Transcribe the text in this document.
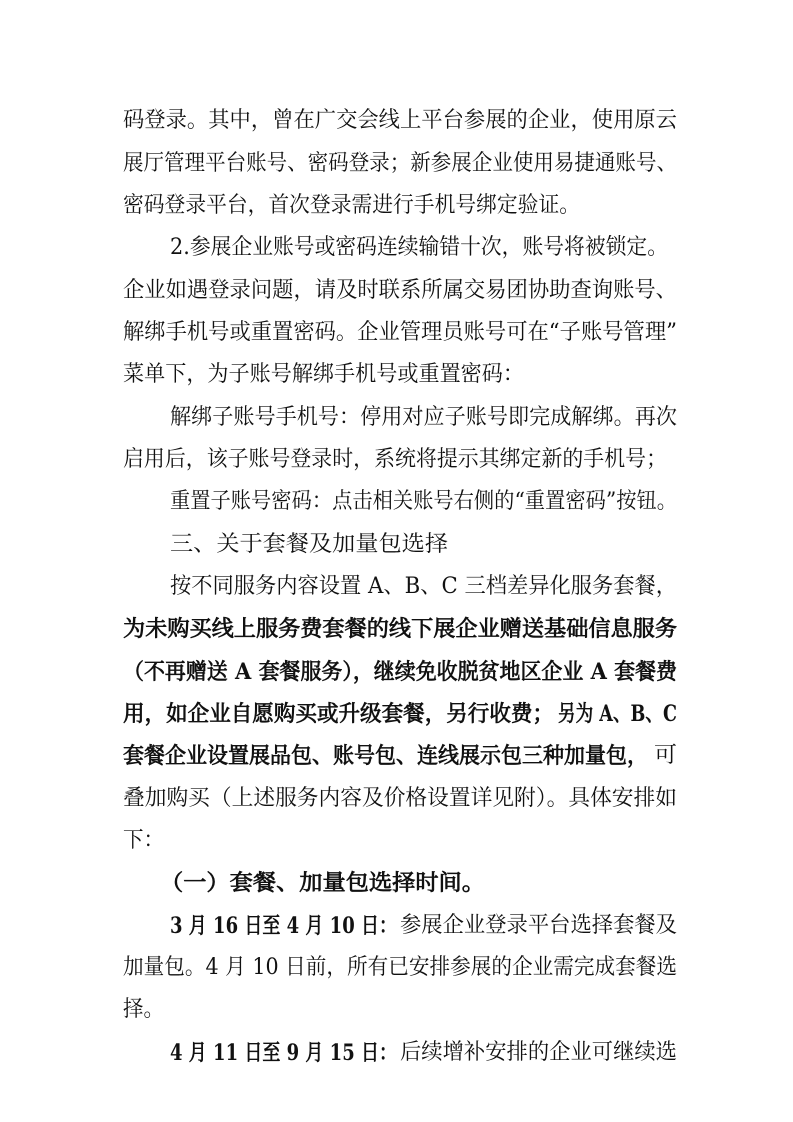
码登录。其中，曾在广交会线上平台参展的企业，使用原云
展厅管理平台账号、密码登录；新参展企业使用易捷通账号、
密码登录平台，首次登录需进行手机号绑定验证。
2.参展企业账号或密码连续输错十次，账号将被锁定。
企业如遇登录问题，请及时联系所属交易团协助查询账号、
解绑手机号或重置密码。企业管理员账号可在“子账号管理”
菜单下，为子账号解绑手机号或重置密码：
解绑子账号手机号：停用对应子账号即完成解绑。再次
启用后，该子账号登录时，系统将提示其绑定新的手机号；
重置子账号密码：点击相关账号右侧的“重置密码”按钮。
三、关于套餐及加量包选择
按不同服务内容设置 A、B、C 三档差异化服务套餐，
为未购买线上服务费套餐的线下展企业赠送基础信息服务
（不再赠送 A 套餐服务），继续免收脱贫地区企业 A 套餐费
用，如企业自愿购买或升级套餐，另行收费； 另为 A、B、C
套餐企业设置展品包、账号包、连线展示包三种加量包， 可
叠加购买（上述服务内容及价格设置详见附）。具体安排如
下：
（一）套餐、加量包选择时间。
3 月 16 日至 4 月 10 日： 参展企业登录平台选择套餐及
加量包。4 月 10 日前，所有已安排参展的企业需完成套餐选
择。
4 月 11 日至 9 月 15 日： 后续增补安排的企业可继续选
